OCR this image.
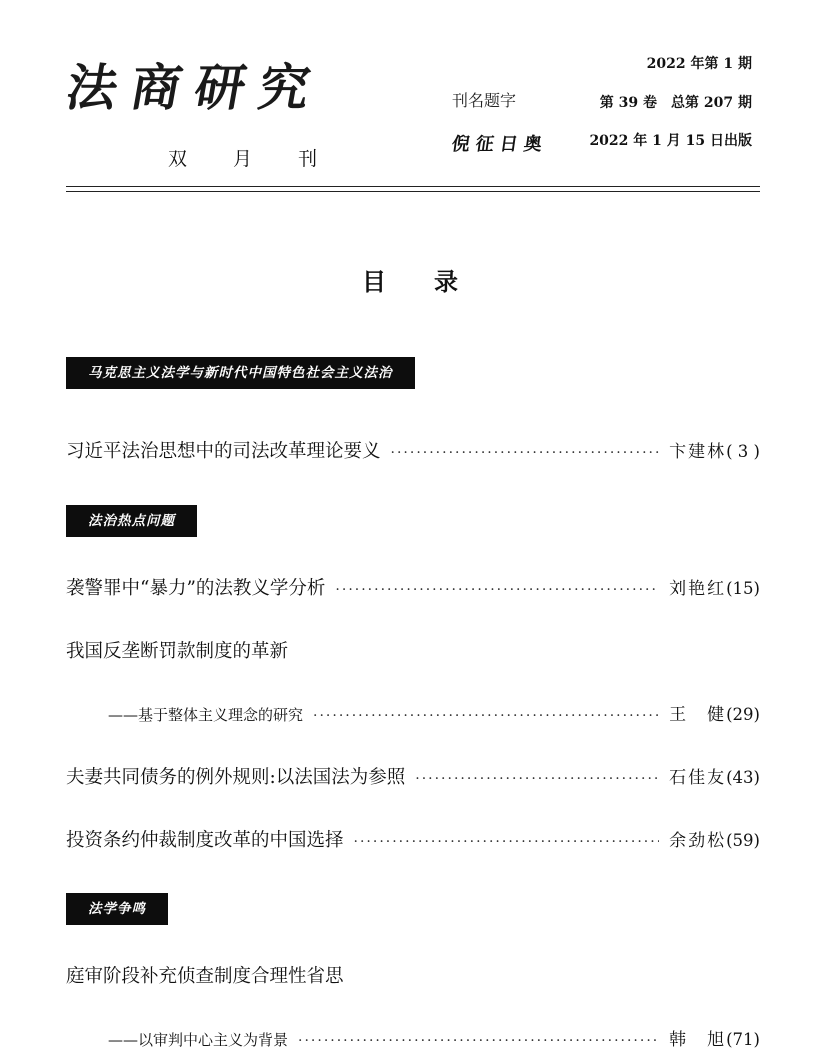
法商研究
双 月 刊
刊名题字
倪征日奥
2022 年第 1 期
第 39 卷　总第 207 期
2022 年 1 月 15 日出版
目录
马克思主义法学与新时代中国特色社会主义法治
习近平法治思想中的司法改革理论要义 ·····	卞建林 ( 3 )
法治热点问题
袭警罪中“暴力”的法教义学分析 ·····	刘艳红 (15)
我国反垄断罚款制度的革新
——基于整体主义理念的研究 ·····	王　健 (29)
夫妻共同债务的例外规则:以法国法为参照 ·····	石佳友 (43)
投资条约仲裁制度改革的中国选择 ·····	余劲松 (59)
法学争鸣
庭审阶段补充侦查制度合理性省思
——以审判中心主义为背景 ·····	韩　旭 (71)
